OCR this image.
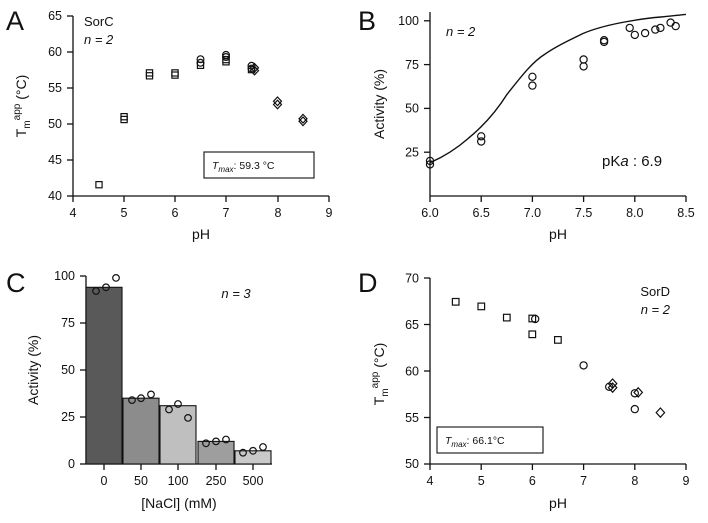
A
40
45
50
55
60
65
4	5	6	7	8	9
pH
$T_m^{app}$ (°C)
SorC
n = 2
$T_{max}$: 59.3 °C
B
25
50
75
100
6.0	6.5	7.0	7.5	8.0	8.5
pH
Activity (%)
n = 2
pKa : 6.9
C
0
25
50
75
100
0 50 100 250 500
[NaCl] (mM)
Activity (%)
n = 3	D
50
55
60
65
70
4	5	6	7	8	9
pH
$T_m^{app}$ (°C)
SorD
n = 2
$T_{max}$: 66.1°C
